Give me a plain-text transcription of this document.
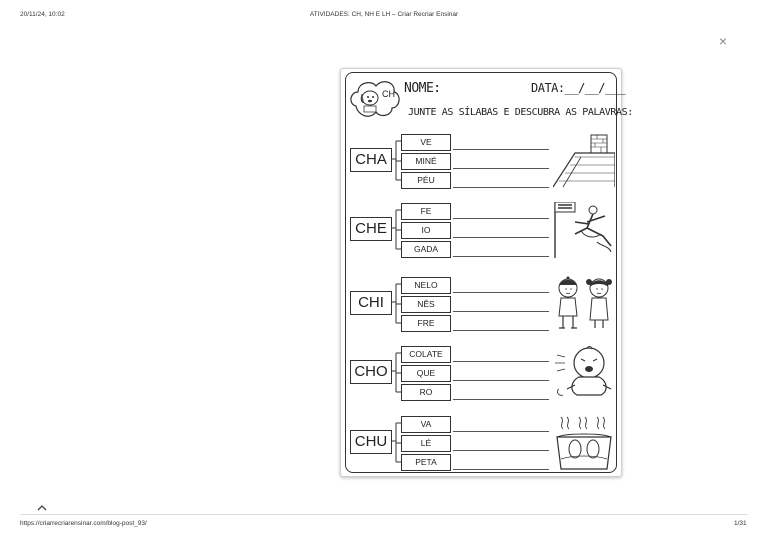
20/11/24, 10:02	ATIVIDADES: CH, NH E LH – Criar Recriar Ensinar
×
CH NOME:	DATA:__/__/___
JUNTE AS SÍLABAS E DESCUBRA AS PALAVRAS:
CHA
VE
MINÉ
PÉU
CHE
FE
IO
GADA
CHI
NELO
NÊS
FRE
CHO
COLATE
QUE
RO
CHU
VA
LÉ
PETA
https://criarrecriarensinar.com/blog-post_93/	1/31
